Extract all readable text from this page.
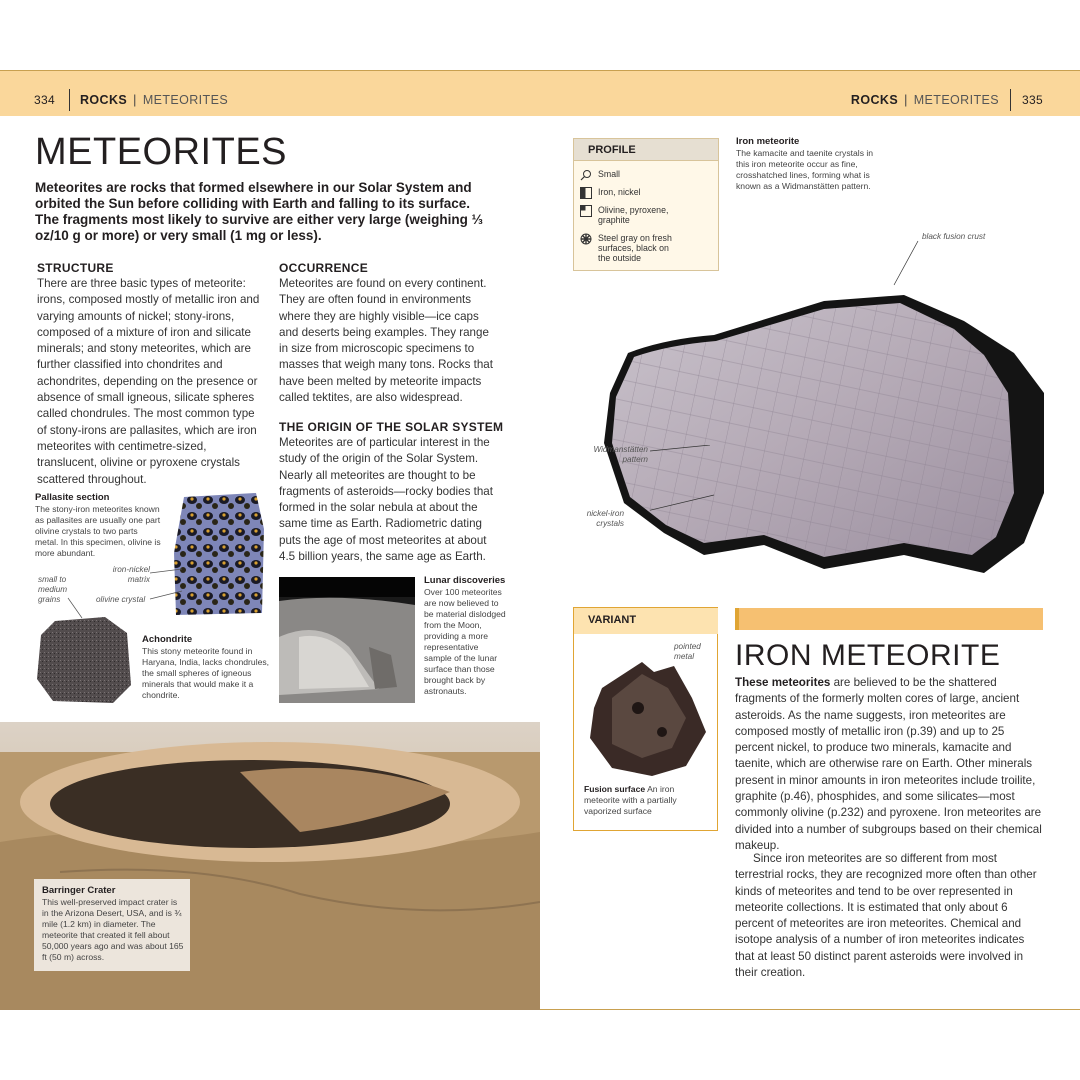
334 ROCKS | METEORITES	ROCKS | METEORITES 335
METEORITES
Meteorites are rocks that formed elsewhere in our Solar System and orbited the Sun before colliding with Earth and falling to its surface. The fragments most likely to survive are either very large (weighing ⅓ oz/10 g or more) or very small (1 mg or less).
STRUCTURE
There are three basic types of meteorite: irons, composed mostly of metallic iron and varying amounts of nickel; stony-irons, composed of a mixture of iron and silicate minerals; and stony meteorites, which are further classified into chondrites and achondrites, depending on the presence or absence of small igneous, silicate spheres called chondrules. The most common type of stony-irons are pallasites, which are iron meteorites with centimetre-sized, translucent, olivine or pyroxene crystals scattered throughout.
OCCURRENCE
Meteorites are found on every continent. They are often found in environments where they are highly visible—ice caps and deserts being examples. They range in size from microscopic specimens to masses that weigh many tons. Rocks that have been melted by meteorite impacts called tektites, are also widespread.
THE ORIGIN OF THE SOLAR SYSTEM
Meteorites are of particular interest in the study of the origin of the Solar System. Nearly all meteorites are thought to be fragments of asteroids—rocky bodies that formed in the solar nebula at about the same time as Earth. Radiometric dating puts the age of most meteorites at about 4.5 billion years, the same age as Earth.
Pallasite section
The stony-iron meteorites known as pallasites are usually one part olivine crystals to two parts metal. In this specimen, olivine is more abundant.
iron-nickel matrix
olivine crystal
small to medium grains
Achondrite
This stony meteorite found in Haryana, India, lacks chondrules, the small spheres of igneous minerals that would make it a chondrite.
Lunar discoveries
Over 100 meteorites are now believed to be material dislodged from the Moon, providing a more representative sample of the lunar surface than those brought back by astronauts.
Barringer Crater
This well-preserved impact crater is in the Arizona Desert, USA, and is ¾ mile (1.2 km) in diameter. The meteorite that created it fell about 50,000 years ago and was about 165 ft (50 m) across.
PROFILE
Small
Iron, nickel
Olivine, pyroxene, graphite
Steel gray on fresh surfaces, black on the outside
Iron meteorite
The kamacite and taenite crystals in this iron meteorite occur as fine, crosshatched lines, forming what is known as a Widmanstätten pattern.
black fusion crust
Widmanstätten pattern
nickel-iron crystals
VARIANT
pointed metal
Fusion surface An iron meteorite with a partially vaporized surface
IRON METEORITE
These meteorites are believed to be the shattered fragments of the formerly molten cores of large, ancient asteroids. As the name suggests, iron meteorites are composed mostly of metallic iron (p.39) and up to 25 percent nickel, to produce two minerals, kamacite and taenite, which are otherwise rare on Earth. Other minerals present in minor amounts in iron meteorites include troilite, graphite (p.46), phosphides, and some silicates—most commonly olivine (p.232) and pyroxene. Iron meteorites are divided into a number of subgroups based on their chemical makeup.
Since iron meteorites are so different from most terrestrial rocks, they are recognized more often than other kinds of meteorites and tend to be over represented in meteorite collections. It is estimated that only about 6 percent of meteorites are iron meteorites. Chemical and isotope analysis of a number of iron meteorites indicates that at least 50 distinct parent asteroids were involved in their creation.
